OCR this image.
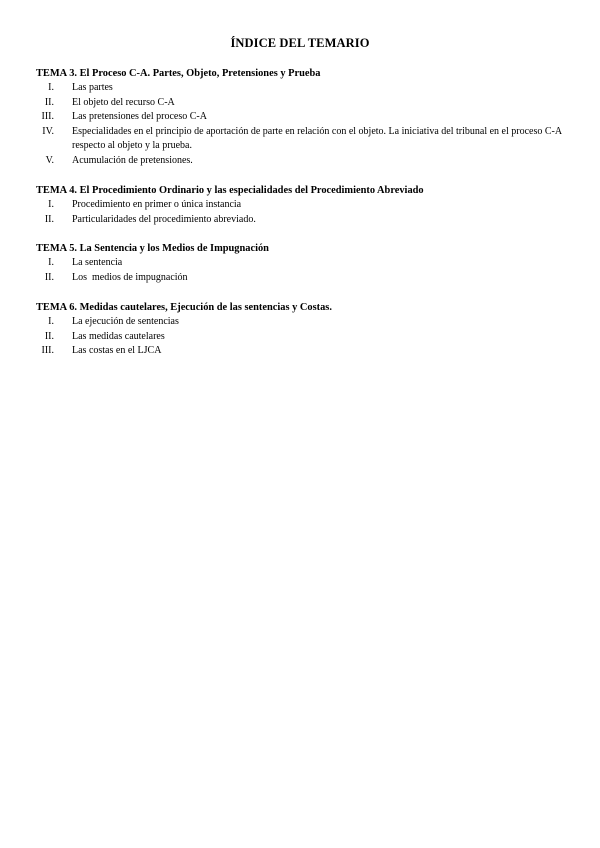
ÍNDICE DEL TEMARIO

TEMA 3. El Proceso C-A. Partes, Objeto, Pretensiones y Prueba

I. Las partes
II. El objeto del recurso C-A
III. Las pretensiones del proceso C-A
IV. Especialidades en el principio de aportación de parte en relación con el objeto. La iniciativa del tribunal en el proceso C-A respecto al objeto y la prueba.
V. Acumulación de pretensiones.

TEMA 4. El Procedimiento Ordinario y las especialidades del Procedimiento Abreviado

I. Procedimiento en primer o única instancia
II. Particularidades del procedimiento abreviado.

TEMA 5. La Sentencia y los Medios de Impugnación

I. La sentencia
II. Los  medios de impugnación

TEMA 6. Medidas cautelares, Ejecución de las sentencias y Costas.

I. La ejecución de sentencias
II. Las medidas cautelares
III. Las costas en el LJCA
